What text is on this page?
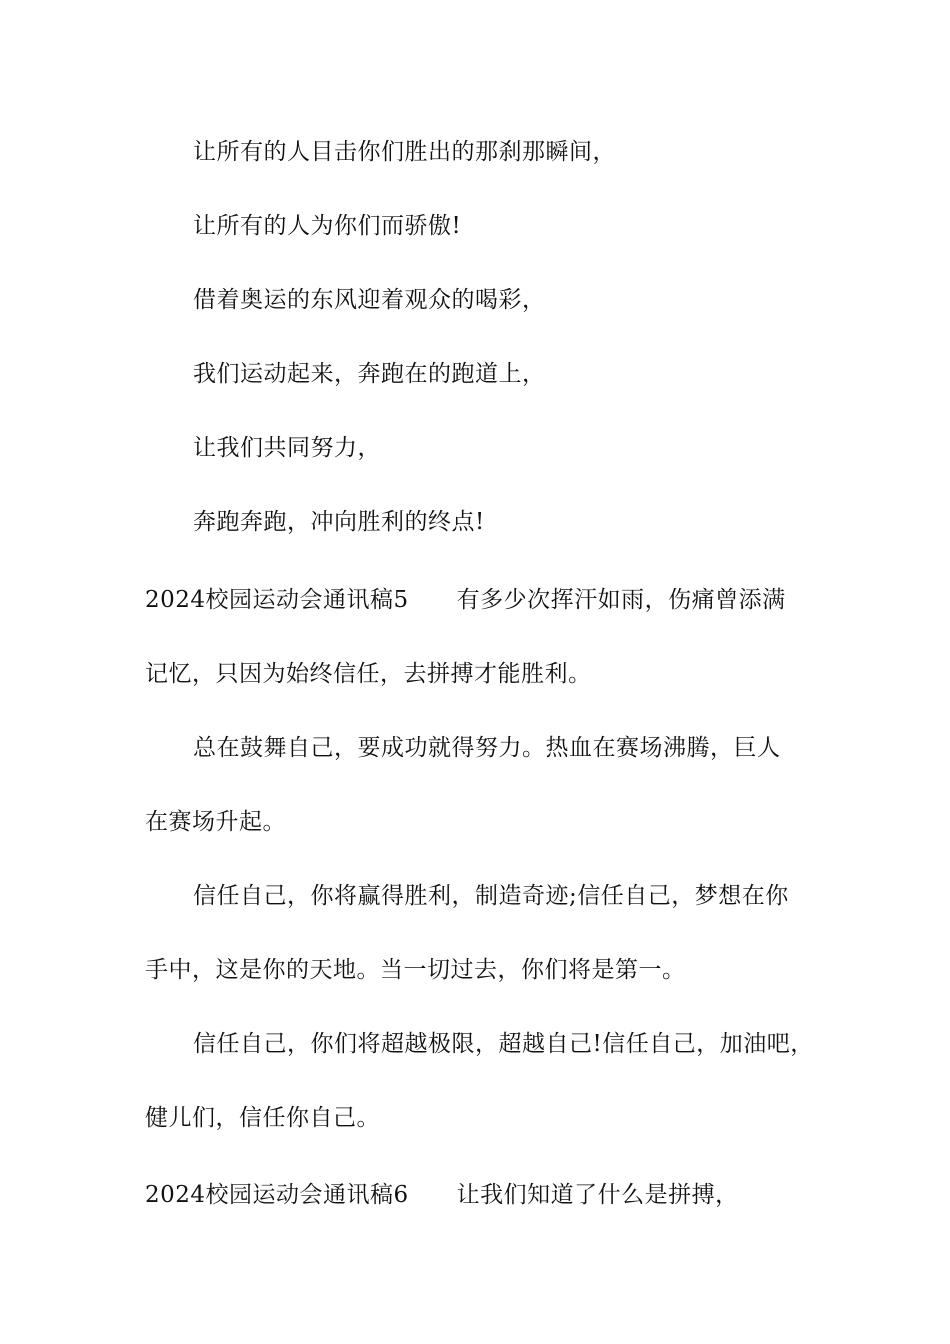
让所有的人目击你们胜出的那刹那瞬间，
让所有的人为你们而骄傲!
借着奥运的东风迎着观众的喝彩，
我们运动起来，奔跑在的跑道上，
让我们共同努力，
奔跑奔跑，冲向胜利的终点!
2024校园运动会通讯稿5 有多少次挥汗如雨，伤痛曾添满
记忆，只因为始终信任，去拼搏才能胜利。
总在鼓舞自己，要成功就得努力。热血在赛场沸腾，巨人
在赛场升起。
信任自己，你将赢得胜利，制造奇迹;信任自己，梦想在你
手中，这是你的天地。当一切过去，你们将是第一。
信任自己，你们将超越极限，超越自己!信任自己，加油吧，
健儿们，信任你自己。
2024校园运动会通讯稿6 让我们知道了什么是拼搏，
